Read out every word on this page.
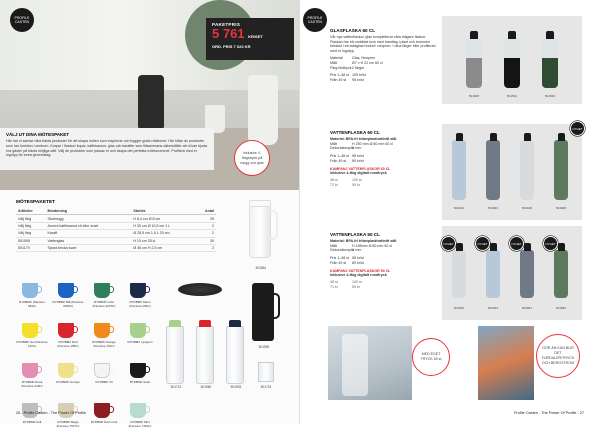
PROFILE CASTEN	PAKETPRIS
5 761 KR/SET
ORD. PRIS 7 022 KR
VÄLJ UT DINA MÖTESPAKET

Här har vi samlat våra bästa produkter för att skapa möten som inspirerar och bygger goda relationer. Här hittar du produkter som har funktion i centrum. Korpar / flaskor/ kopar, kaffekannor, glas och karaffer som tillsammans säkerställer att ni kan bjuda era gäster på bästa möjliga sätt. Välj de produkter som passar er och skapa det perfekta mötesrummet. Profilera med er logotyp för extra genomslag.

Inklusive 4-färgstryck på mugg och glas
MÖTESPAKETET
Artikelnr	Benämning	Storlek	Antal
Välj färg	Skolmugg	H 8,4 cm Ø 8 cm	25
Välj färg	Accent kaffekanna vit eller svart	H 30 cm Ø 10,5 cm 1 L	2
Välj färg	Karaff	Ø 28,5 cm 1,5 L 20 cm	2
501595	Vattenglas	H 10 cm 25 cl	30
501170	Spara bricka svart	Ø 36 cm H 2,5 cm	2
501561
RYDBMK (Pantone 284C)
RYDBMK Blå (Pantone 2935C)
RYDBMK Grön (Pantone 2270C)
RYDBMK Marin (Pantone 282C)
RYDBMK Gul (Pantone 102C)
RYDBMK Röd (Pantone 185C)
RYDBMK Orange (Pantone 151C)
RYDBMK Ljusgrön
RYDBMK Rosa (Pantone 218C)
RYDBMK Gul ljus	RYDBMK Vit	RYDBMK Svart
RYDBMK Grå	RYDBMK Beige (Pantone 7527C)
RYDBMK Röd mörk	RYDBMK Mint (Pantone 7464C)
501590
501712	501960	501933	501715
26 - Profile Casten - The Power Of Profile
PROFILE CASTEN
GLASFLASKA 60 CL

Vår nya vattenflaska i glas kompletterar våra tidigare flaskor. Flaskan har ett ombildat lock med handtag i plast och bommen bekädd i ett avtagbart fodral i neopren. I dina färger eller profilerad med er logotyp.

Material	Glas, Neopren
Mått	Ø7 x H 22 cm 60 cl
Färg bildtryck2 färger
Pris 1–48 st 109 kr/st
Från 49 st 95 kr/st
501928	501524	501526
VATTENFLASKA 60 CL
Material: BPA-fri tritanplast/vattnitt stål
Mått	H 250 mm Ø 80 mm 60 cl
DekorationsytaX mm
Pris 1–48 st 98 kr/st
Från 49 st 89 kr/st
KAMPANJ VATTENFLASKOR 60 CL
Inklusive 4-färg digitalt rundtryck
48 st	100 st
72 kr	59 kr
501916	501923	501918	501828
NYHET
VATTENFLASKA 50 CL
Material: BPA-fri tritanplast/vattnitt stål
Mått	H 185mm Ø 80 mm 50 cl
DekorationsytaX mm
Pris 1–48 st 98 kr/st
Från 49 st 89 kr/st
KAMPANJ VATTENFLASKOR 50 CL
Inklusive 4-färg digitalt rundtryck
48 st	100 st
71 kr	59 kr
501925	501934	501951	501952
NYHET	NYHET	NYHET	NYHET
MED EGET TRYCK 45 st
GÖR ÄN KAN BLIR DET FURDALER/TRYCK OCH BERGSTROM
Profile Casten - The Power Of Profile - 27
